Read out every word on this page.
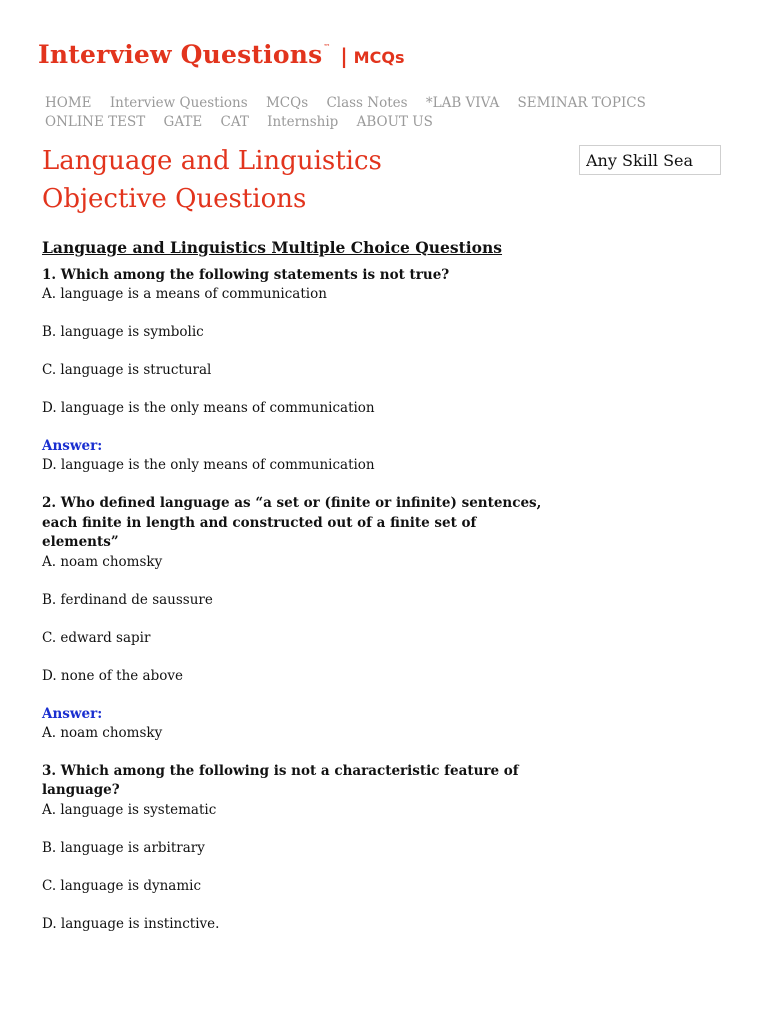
Interview Questions ™ | MCQs
HOME Interview Questions MCQs Class Notes *LAB VIVA SEMINAR TOPICS
ONLINE TEST GATE CAT Internship ABOUT US
Language and Linguistics
Objective Questions
Any Skill Sea
Language and Linguistics Multiple Choice Questions

1. Which among the following statements is not true?

A. language is a means of communication

B. language is symbolic

C. language is structural

D. language is the only means of communication

Answer:

D. language is the only means of communication

2. Who defined language as “a set or (finite or infinite) sentences, each finite in length and constructed out of a finite set of elements”

A. noam chomsky

B. ferdinand de saussure

C. edward sapir

D. none of the above

Answer:

A. noam chomsky

3. Which among the following is not a characteristic feature of language?

A. language is systematic

B. language is arbitrary

C. language is dynamic

D. language is instinctive.
